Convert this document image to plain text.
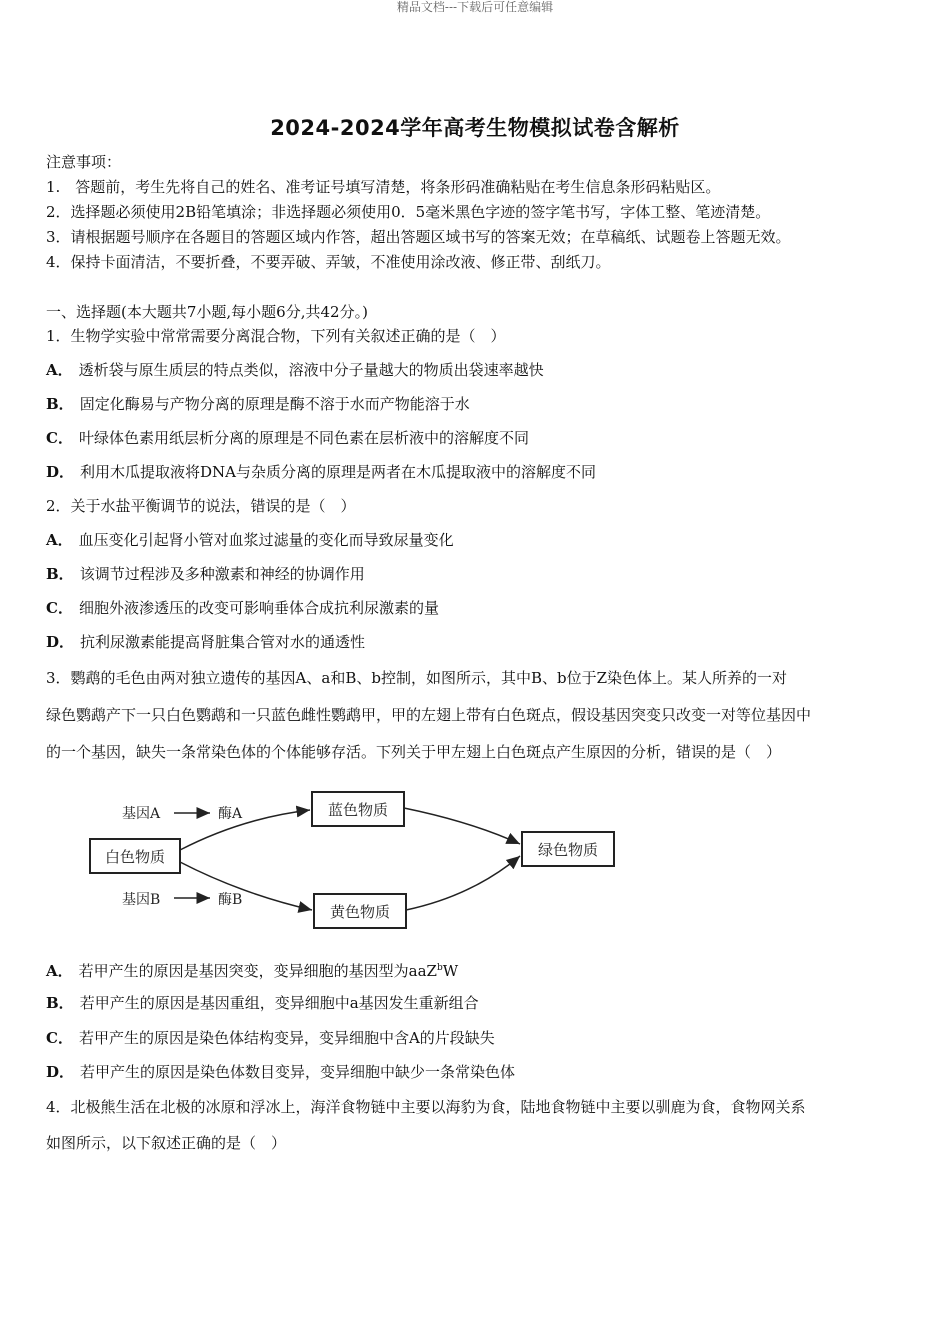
精品文档---下载后可任意编辑
2024-2024学年高考生物模拟试卷含解析
注意事项：
1.　答题前，考生先将自己的姓名、准考证号填写清楚，将条形码准确粘贴在考生信息条形码粘贴区。
2．选择题必须使用2B铅笔填涂；非选择题必须使用0．5毫米黑色字迹的签字笔书写，字体工整、笔迹清楚。
3．请根据题号顺序在各题目的答题区域内作答，超出答题区域书写的答案无效；在草稿纸、试题卷上答题无效。
4．保持卡面清洁，不要折叠，不要弄破、弄皱，不准使用涂改液、修正带、刮纸刀。
一、选择题(本大题共7小题,每小题6分,共42分。)
1．生物学实验中常常需要分离混合物，下列有关叙述正确的是（　）
A． 透析袋与原生质层的特点类似，溶液中分子量越大的物质出袋速率越快
B． 固定化酶易与产物分离的原理是酶不溶于水而产物能溶于水
C． 叶绿体色素用纸层析分离的原理是不同色素在层析液中的溶解度不同
D． 利用木瓜提取液将DNA与杂质分离的原理是两者在木瓜提取液中的溶解度不同
2．关于水盐平衡调节的说法，错误的是（　）
A． 血压变化引起肾小管对血浆过滤量的变化而导致尿量变化
B． 该调节过程涉及多种激素和神经的协调作用
C． 细胞外液渗透压的改变可影响垂体合成抗利尿激素的量
D． 抗利尿激素能提高肾脏集合管对水的通透性
3．鹦鹉的毛色由两对独立遗传的基因A、a和B、b控制，如图所示，其中B、b位于Z染色体上。某人所养的一对
绿色鹦鹉产下一只白色鹦鹉和一只蓝色雌性鹦鹉甲，甲的左翅上带有白色斑点，假设基因突变只改变一对等位基因中
的一个基因，缺失一条常染色体的个体能够存活。下列关于甲左翅上白色斑点产生原因的分析，错误的是（　）
白色物质
蓝色物质
黄色物质
绿色物质
基因A	酶A
基因B	酶B
A． 若甲产生的原因是基因突变，变异细胞的基因型为aaZ$^b$W
B． 若甲产生的原因是基因重组，变异细胞中a基因发生重新组合
C． 若甲产生的原因是染色体结构变异，变异细胞中含A的片段缺失
D． 若甲产生的原因是染色体数目变异，变异细胞中缺少一条常染色体
4．北极熊生活在北极的冰原和浮冰上，海洋食物链中主要以海豹为食，陆地食物链中主要以驯鹿为食，食物网关系
如图所示，以下叙述正确的是（　）
